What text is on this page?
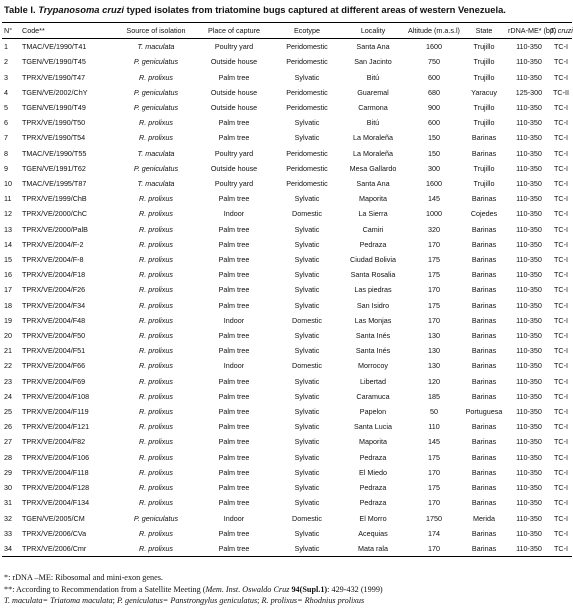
Table I. Trypanosoma cruzi typed isolates from triatomine bugs captured at different areas of western Venezuela.
N°	Code**	Source of isolation	Place of capture	Ecotype	Locality	Altitude (m.a.s.l)	State	rDNA-ME* (bp)	T. cruzi
1	TMAC/VE/1990/T41	T. maculata	Poultry yard	Peridomestic	Santa Ana	1600	Trujillo	110-350	TC-I
2	TGEN/VE/1990/T45	P. geniculatus	Outside house	Peridomestic	San Jacinto	750	Trujillo	110-350	TC-I
3	TPRX/VE/1990/T47	R. prolixus	Palm tree	Sylvatic	Bitú	600	Trujillo	110-350	TC-I
4	TGEN/VE/2002/ChY	P. geniculatus	Outside house	Peridomestic	Guaremal	680	Yaracuy	125-300	TC-II
5	TGEN/VE/1990/T49	P. geniculatus	Outside house	Peridomestic	Carmona	900	Trujillo	110-350	TC-I
6	TPRX/VE/1990/T50	R. prolixus	Palm tree	Sylvatic	Bitú	600	Trujillo	110-350	TC-I
7	TPRX/VE/1990/T54	R. prolixus	Palm tree	Sylvatic	La Moraleña	150	Barinas	110-350	TC-I
8	TMAC/VE/1990/T55	T. maculata	Poultry yard	Peridomestic	La Moraleña	150	Barinas	110-350	TC-I
9	TGEN/VE/1991/T62	P. geniculatus	Outside house	Peridomestic	Mesa Gallardo	300	Trujillo	110-350	TC-I
10	TMAC/VE/1995/T87	T. maculata	Poultry yard	Peridomestic	Santa Ana	1600	Trujillo	110-350	TC-I
11	TPRX/VE/1999/ChB	R. prolixus	Palm tree	Sylvatic	Maporita	145	Barinas	110-350	TC-I
12	TPRX/VE/2000/ChC	R. prolixus	Indoor	Domestic	La Sierra	1000	Cojedes	110-350	TC-I
13	TPRX/VE/2000/PalB	R. prolixus	Palm tree	Sylvatic	Camiri	320	Barinas	110-350	TC-I
14	TPRX/VE/2004/F-2	R. prolixus	Palm tree	Sylvatic	Pedraza	170	Barinas	110-350	TC-I
15	TPRX/VE/2004/F-8	R. prolixus	Palm tree	Sylvatic	Ciudad Bolivia	175	Barinas	110-350	TC-I
16	TPRX/VE/2004/F18	R. prolixus	Palm tree	Sylvatic	Santa Rosalia	175	Barinas	110-350	TC-I
17	TPRX/VE/2004/F26	R. prolixus	Palm tree	Sylvatic	Las piedras	170	Barinas	110-350	TC-I
18	TPRX/VE/2004/F34	R. prolixus	Palm tree	Sylvatic	San Isidro	175	Barinas	110-350	TC-I
19	TPRX/VE/2004/F48	R. prolixus	Indoor	Domestic	Las Monjas	170	Barinas	110-350	TC-I
20	TPRX/VE/2004/F50	R. prolixus	Palm tree	Sylvatic	Santa Inés	130	Barinas	110-350	TC-I
21	TPRX/VE/2004/F51	R. prolixus	Palm tree	Sylvatic	Santa Inés	130	Barinas	110-350	TC-I
22	TPRX/VE/2004/F66	R. prolixus	Indoor	Domestic	Morrocoy	130	Barinas	110-350	TC-I
23	TPRX/VE/2004/F69	R. prolixus	Palm tree	Sylvatic	Libertad	120	Barinas	110-350	TC-I
24	TPRX/VE/2004/F108	R. prolixus	Palm tree	Sylvatic	Caramuca	185	Barinas	110-350	TC-I
25	TPRX/VE/2004/F119	R. prolixus	Palm tree	Sylvatic	Papelon	50	Portuguesa	110-350	TC-I
26	TPRX/VE/2004/F121	R. prolixus	Palm tree	Sylvatic	Santa Lucia	110	Barinas	110-350	TC-I
27	TPRX/VE/2004/F82	R. prolixus	Palm tree	Sylvatic	Maporita	145	Barinas	110-350	TC-I
28	TPRX/VE/2004/F106	R. prolixus	Palm tree	Sylvatic	Pedraza	175	Barinas	110-350	TC-I
29	TPRX/VE/2004/F118	R. prolixus	Palm tree	Sylvatic	El Miedo	170	Barinas	110-350	TC-I
30	TPRX/VE/2004/F128	R. prolixus	Palm tree	Sylvatic	Pedraza	175	Barinas	110-350	TC-I
31	TPRX/VE/2004/F134	R. prolixus	Palm tree	Sylvatic	Pedraza	170	Barinas	110-350	TC-I
32	TGEN/VE/2005/CM	P. geniculatus	Indoor	Domestic	El Morro	1750	Merida	110-350	TC-I
33	TPRX/VE/2006/CVa	R. prolixus	Palm tree	Sylvatic	Acequias	174	Barinas	110-350	TC-I
34	TPRX/VE/2006/Cmr	R. prolixus	Palm tree	Sylvatic	Mata rala	170	Barinas	110-350	TC-I
*: rDNA –ME: Ribosomal and mini-exon genes.
**: According to Recommendation from a Satellite Meeting (Mem. Inst. Oswaldo Cruz 94(Supl.1): 429-432 (1999)
T. maculata= Triatoma maculata; P. geniculatus= Panstrongylus geniculatus; R. prolixus= Rhodnius prolixus
